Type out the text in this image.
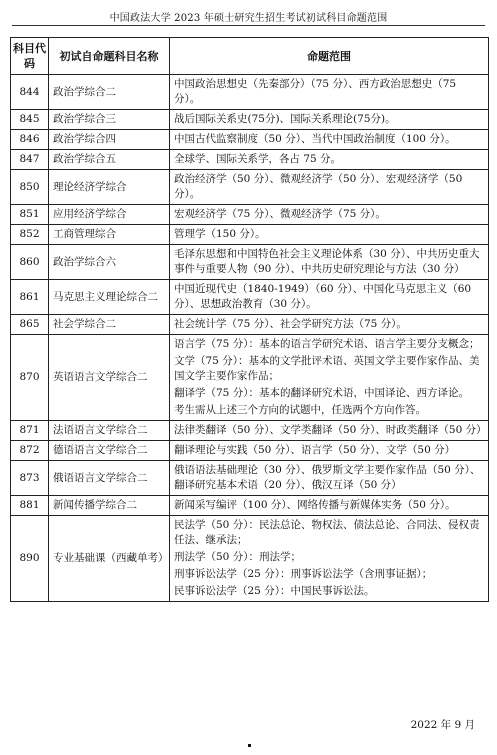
中国政法大学 2023 年硕士研究生招生考试初试科目命题范围
科目代码	初试自命题科目名称	命题范围
844	政治学综合二	中国政治思想史（先秦部分）（75 分）、西方政治思想史（75 分）。

845	政治学综合三	战后国际关系史(75分)、国际关系理论(75分)。

846	政治学综合四	中国古代监察制度（50 分）、当代中国政治制度（100 分）。

847	政治学综合五	全球学、国际关系学，各占 75 分。

850	理论经济学综合	政治经济学（50 分）、微观经济学（50 分）、宏观经济学（50 分）。

851	应用经济学综合	宏观经济学（75 分）、微观经济学（75 分）。

852	工商管理综合	管理学（150 分）。

860	政治学综合六	毛泽东思想和中国特色社会主义理论体系（30 分）、中共历史重大事件与重要人物（90 分）、中共历史研究理论与方法（30 分）

861	马克思主义理论综合二	中国近现代史（1840-1949）（60 分）、中国化马克思主义（60 分）、思想政治教育（30 分）。

865	社会学综合二	社会统计学（75 分）、社会学研究方法（75 分）。

870	英语语言文学综合二	语言学（75 分）：基本的语言学研究术语、语言学主要分支概念；
文学（75 分）：基本的文学批评术语、英国文学主要作家作品、美国文学主要作家作品；
翻译学（75 分）：基本的翻译研究术语，中国译论、西方译论。
考生需从上述三个方向的试题中，任选两个方向作答。

871	法语语言文学综合二	法律类翻译（50 分）、文学类翻译（50 分）、时政类翻译（50 分）

872	德语语言文学综合二	翻译理论与实践（50 分）、语言学（50 分）、文学（50 分）

873	俄语语言文学综合二	俄语语法基础理论（30 分）、俄罗斯文学主要作家作品（50 分）、翻译研究基本术语（20 分）、俄汉互译（50 分）

881	新闻传播学综合二	新闻采写编评（100 分）、网络传播与新媒体实务（50 分）。

890	专业基础课（西藏单考）	民法学（50 分）：民法总论、物权法、债法总论、合同法、侵权责任法、继承法；
刑法学（50 分）：刑法学；
刑事诉讼法学（25 分）：刑事诉讼法学（含刑事证据）；
民事诉讼法学（25 分）：中国民事诉讼法。
2022 年 9 月
